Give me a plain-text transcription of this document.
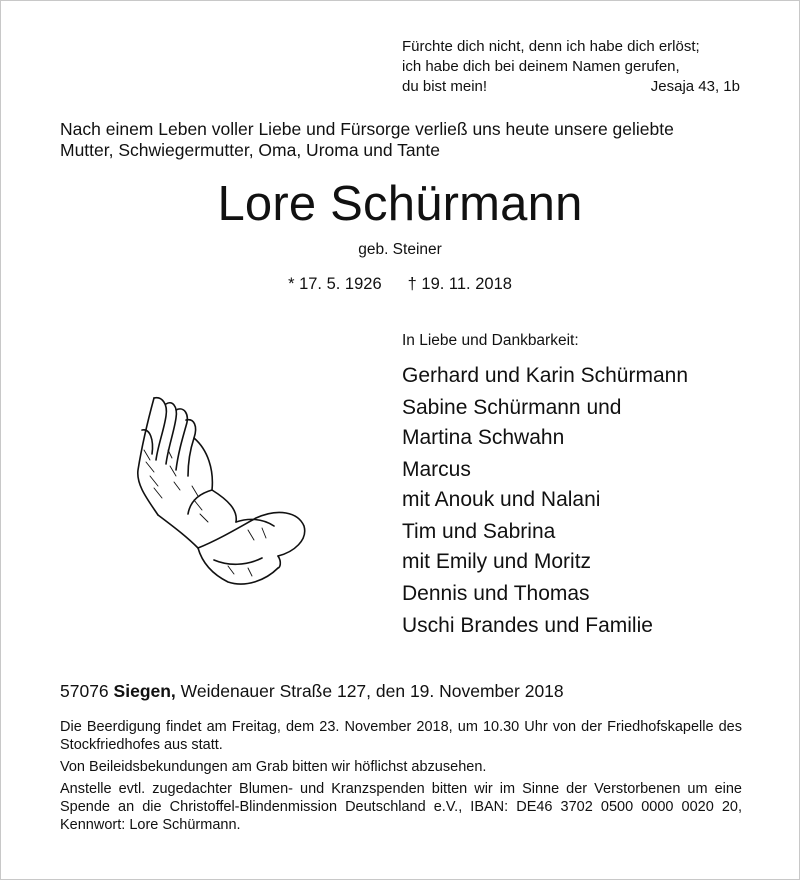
Fürchte dich nicht, denn ich habe dich erlöst;
ich habe dich bei deinem Namen gerufen,
du bist mein!	Jesaja 43, 1b
Nach einem Leben voller Liebe und Fürsorge verließ uns heute unsere geliebte
Mutter, Schwiegermutter, Oma, Uroma und Tante
Lore Schürmann
geb. Steiner
* 17. 5. 1926 † 19. 11. 2018
In Liebe und Dankbarkeit:
Gerhard und Karin Schürmann
Sabine Schürmann und
Martina Schwahn
Marcus
mit Anouk und Nalani
Tim und Sabrina
mit Emily und Moritz
Dennis und Thomas
Uschi Brandes und Familie
57076 Siegen, Weidenauer Straße 127, den 19. November 2018
Die Beerdigung findet am Freitag, dem 23. November 2018, um 10.30 Uhr von der Friedhofskapelle des Stockfriedhofes aus statt.
Von Beileidsbekundungen am Grab bitten wir höflichst abzusehen.
Anstelle evtl. zugedachter Blumen- und Kranzspenden bitten wir im Sinne der Verstorbenen um eine Spende an die Christoffel-Blindenmission Deutschland e.V., IBAN: DE46 3702 0500 0000 0020 20, Kennwort: Lore Schürmann.
